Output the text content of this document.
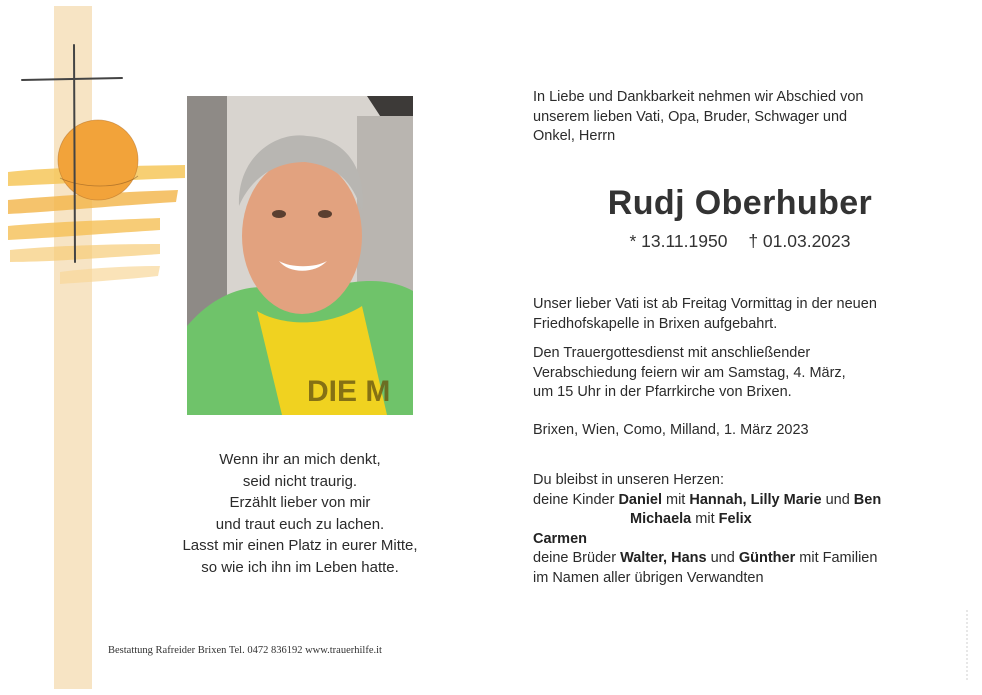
DIE M
In Liebe und Dankbarkeit nehmen wir Abschied von
unserem lieben Vati, Opa, Bruder, Schwager und
Onkel, Herrn
Rudj Oberhuber
* 13.11.1950 † 01.03.2023
Unser lieber Vati ist ab Freitag Vormittag in der neuen
Friedhofskapelle in Brixen aufgebahrt.
Den Trauergottesdienst mit anschließender
Verabschiedung feiern wir am Samstag, 4. März,
um 15 Uhr in der Pfarrkirche von Brixen.
Brixen, Wien, Como, Milland, 1. März 2023
Du bleibst in unseren Herzen:
deine Kinder Daniel mit Hannah, Lilly Marie und Ben
Michaela mit Felix
Carmen
deine Brüder Walter, Hans und Günther mit Familien
im Namen aller übrigen Verwandten
Wenn ihr an mich denkt,
seid nicht traurig.
Erzählt lieber von mir
und traut euch zu lachen.
Lasst mir einen Platz in eurer Mitte,
so wie ich ihn im Leben hatte.
Bestattung Rafreider Brixen Tel. 0472 836192 www.trauerhilfe.it
